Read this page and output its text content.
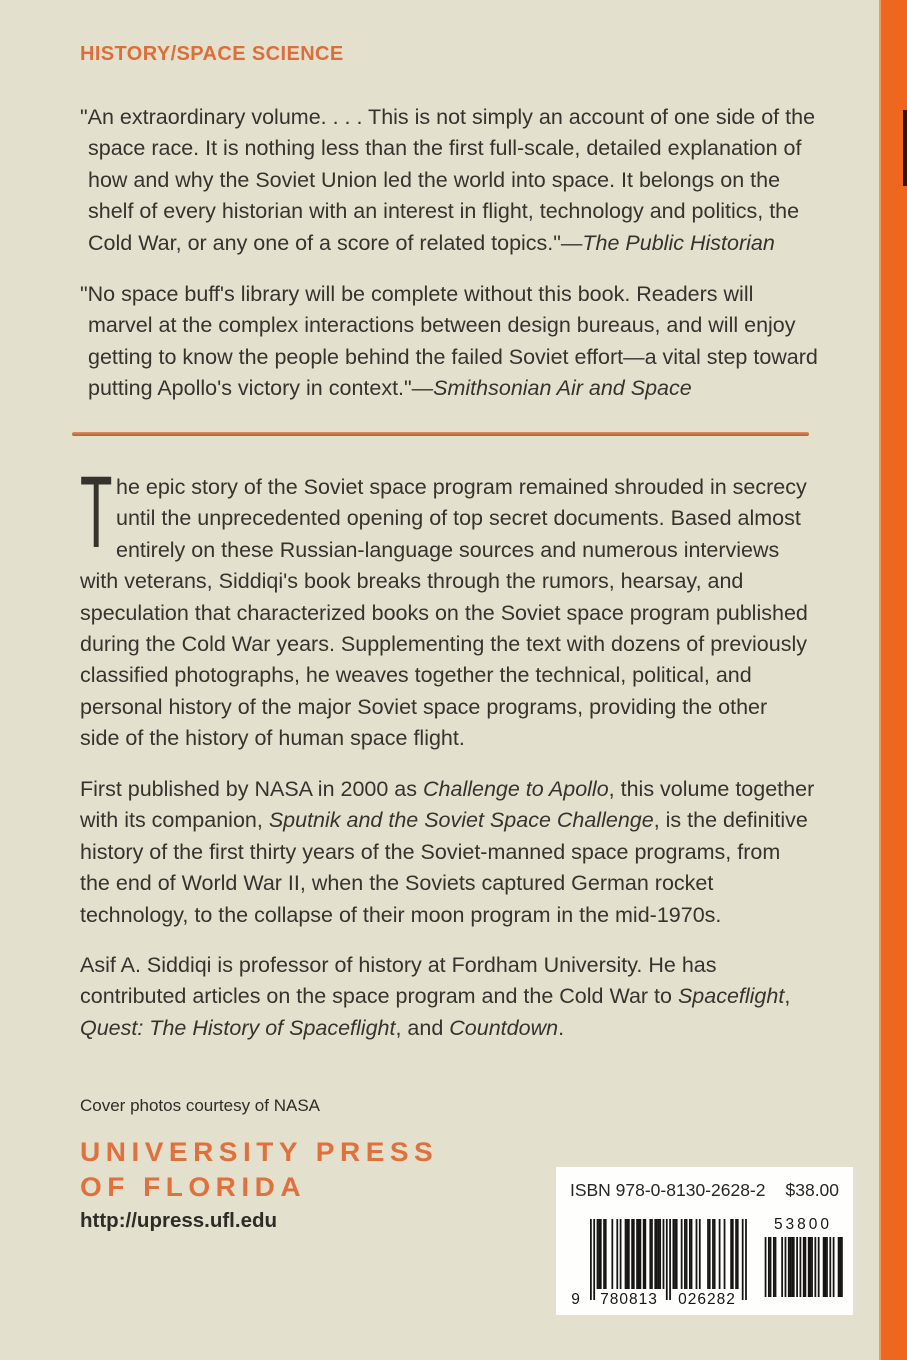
HISTORY/SPACE SCIENCE
"An extraordinary volume. . . . This is not simply an account of one side of the space race. It is nothing less than the first full-scale, detailed explanation of how and why the Soviet Union led the world into space. It belongs on the shelf of every historian with an interest in flight, technology and politics, the Cold War, or any one of a score of related topics."—The Public Historian
"No space buff's library will be complete without this book. Readers will marvel at the complex interactions between design bureaus, and will enjoy getting to know the people behind the failed Soviet effort—a vital step toward putting Apollo's victory in context."—Smithsonian Air and Space
The epic story of the Soviet space program remained shrouded in secrecy until the unprecedented opening of top secret documents. Based almost entirely on these Russian-language sources and numerous interviews with veterans, Siddiqi's book breaks through the rumors, hearsay, and speculation that characterized books on the Soviet space program published during the Cold War years. Supplementing the text with dozens of previously classified photographs, he weaves together the technical, political, and personal history of the major Soviet space programs, providing the other side of the history of human space flight.
First published by NASA in 2000 as Challenge to Apollo, this volume together with its companion, Sputnik and the Soviet Space Challenge, is the definitive history of the first thirty years of the Soviet-manned space programs, from the end of World War II, when the Soviets captured German rocket technology, to the collapse of their moon program in the mid-1970s.
Asif A. Siddiqi is professor of history at Fordham University. He has contributed articles on the space program and the Cold War to Spaceflight, Quest: The History of Spaceflight, and Countdown.
Cover photos courtesy of NASA
UNIVERSITY PRESS
OF FLORIDA
http://upress.ufl.edu
ISBN 978-0-8130-2628-2 $38.00
9 780813 026282
53800
